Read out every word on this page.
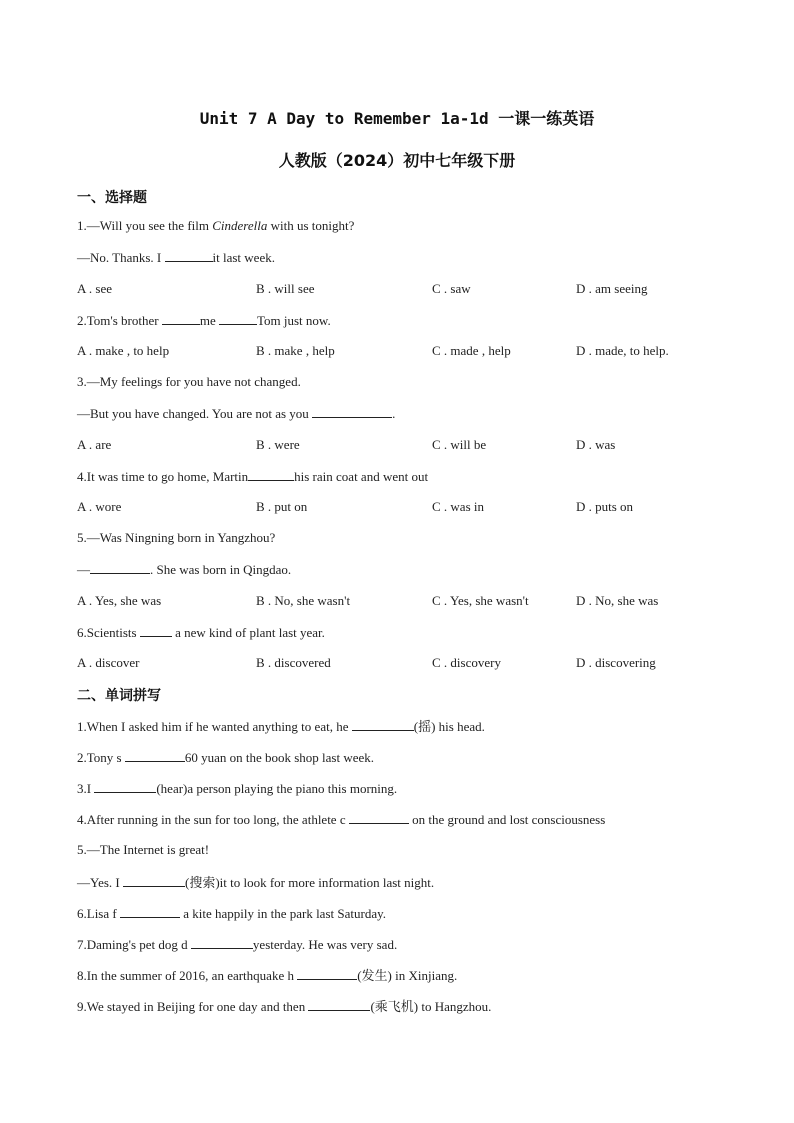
Unit 7 A Day to Remember 1a-1d 一课一练英语
人教版（2024）初中七年级下册
一、选择题
1.—Will you see the film Cinderella with us tonight?
—No. Thanks. I	it last week.
A . see	B . will see	C . saw	D . am seeing
2.Tom's brother	me	Tom just now.
A . make , to help	B . make , help	C . made , help	D . made, to help.
3.—My feelings for you have not changed.
—But you have changed. You are not as you	.
A . are	B . were	C . will be	D . was
4.It was time to go home, Martin	his rain coat and went out
A . wore	B . put on	C . was in	D . puts on
5.—Was Ningning born in Yangzhou?
—	. She was born in Qingdao.
A . Yes, she was	B . No, she wasn't	C . Yes, she wasn't	D . No, she was
6.Scientists  a new kind of plant last year.
A . discover	B . discovered	C . discovery	D . discovering
二、单词拼写
1.When I asked him if he wanted anything to eat, he	(摇) his head.
2.Tony s	60 yuan on the book shop last week.
3.I	(hear)a person playing the piano this morning.
4.After running in the sun for too long, the athlete c	on the ground and lost consciousness
5.—The Internet is great!
—Yes. I	(搜索)it to look for more information last night.
6.Lisa f	a kite happily in the park last Saturday.
7.Daming's pet dog d	yesterday. He was very sad.
8.In the summer of 2016, an earthquake h	(发生) in Xinjiang.
9.We stayed in Beijing for one day and then	(乘飞机) to Hangzhou.
